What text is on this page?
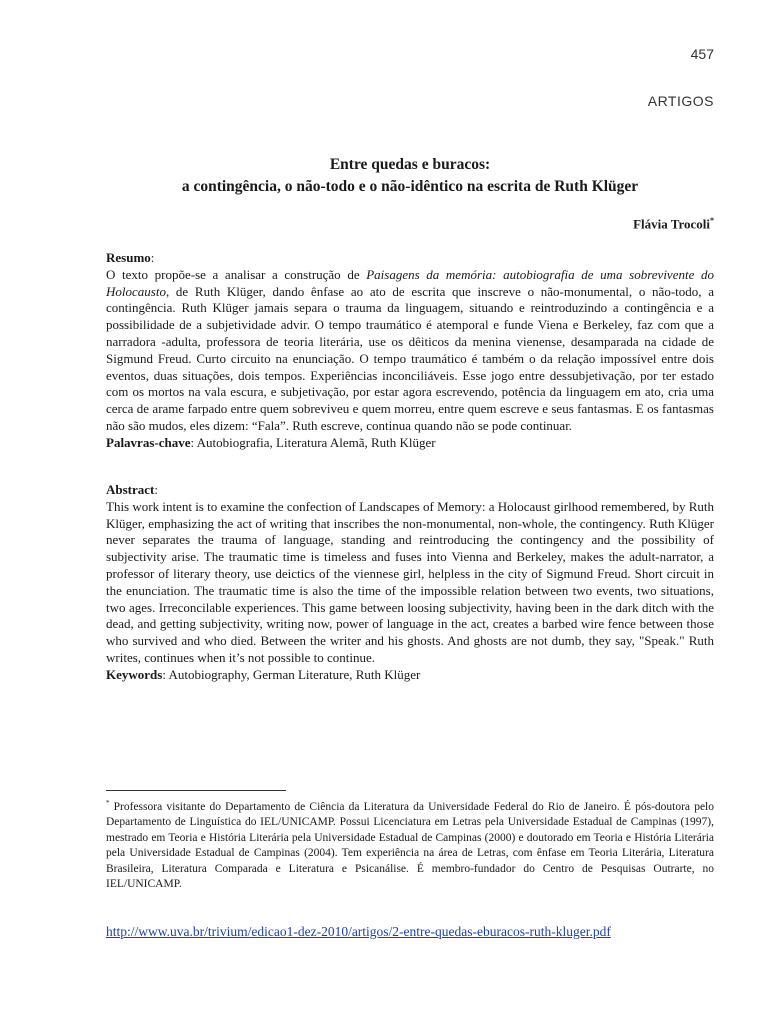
457
ARTIGOS
Entre quedas e buracos:
a contingência, o não-todo e o não-idêntico na escrita de Ruth Klüger
Flávia Trocoli*
Resumo:
O texto propõe-se a analisar a construção de Paisagens da memória: autobiografia de uma sobrevivente do Holocausto, de Ruth Klüger, dando ênfase ao ato de escrita que inscreve o não-monumental, o não-todo, a contingência. Ruth Klüger jamais separa o trauma da linguagem, situando e reintroduzindo a contingência e a possibilidade de a subjetividade advir. O tempo traumático é atemporal e funde Viena e Berkeley, faz com que a narradora -adulta, professora de teoria literária, use os dêiticos da menina vienense, desamparada na cidade de Sigmund Freud. Curto circuito na enunciação. O tempo traumático é também o da relação impossível entre dois eventos, duas situações, dois tempos. Experiências inconciliáveis. Esse jogo entre dessubjetivação, por ter estado com os mortos na vala escura, e subjetivação, por estar agora escrevendo, potência da linguagem em ato, cria uma cerca de arame farpado entre quem sobreviveu e quem morreu, entre quem escreve e seus fantasmas. E os fantasmas não são mudos, eles dizem: “Fala”. Ruth escreve, continua quando não se pode continuar.
Palavras-chave: Autobiografia, Literatura Alemã, Ruth Klüger
Abstract:
This work intent is to examine the confection of Landscapes of Memory: a Holocaust girlhood remembered, by Ruth Klüger, emphasizing the act of writing that inscribes the non-monumental, non-whole, the contingency. Ruth Klüger never separates the trauma of language, standing and reintroducing the contingency and the possibility of subjectivity arise. The traumatic time is timeless and fuses into Vienna and Berkeley, makes the adult-narrator, a professor of literary theory, use deictics of the viennese girl, helpless in the city of Sigmund Freud. Short circuit in the enunciation. The traumatic time is also the time of the impossible relation between two events, two situations, two ages. Irreconcilable experiences. This game between loosing subjectivity, having been in the dark ditch with the dead, and getting subjectivity, writing now, power of language in the act, creates a barbed wire fence between those who survived and who died. Between the writer and his ghosts. And ghosts are not dumb, they say, "Speak." Ruth writes, continues when it’s not possible to continue.
Keywords: Autobiography, German Literature, Ruth Klüger
* Professora visitante do Departamento de Ciência da Literatura da Universidade Federal do Rio de Janeiro. É pós-doutora pelo Departamento de Linguística do IEL/UNICAMP. Possui Licenciatura em Letras pela Universidade Estadual de Campinas (1997), mestrado em Teoria e História Literária pela Universidade Estadual de Campinas (2000) e doutorado em Teoria e História Literária pela Universidade Estadual de Campinas (2004). Tem experiência na área de Letras, com ênfase em Teoria Literária, Literatura Brasileira, Literatura Comparada e Literatura e Psicanálise. É membro-fundador do Centro de Pesquisas Outrarte, no IEL/UNICAMP.
http://www.uva.br/trivium/edicao1-dez-2010/artigos/2-entre-quedas-eburacos-ruth-kluger.pdf
